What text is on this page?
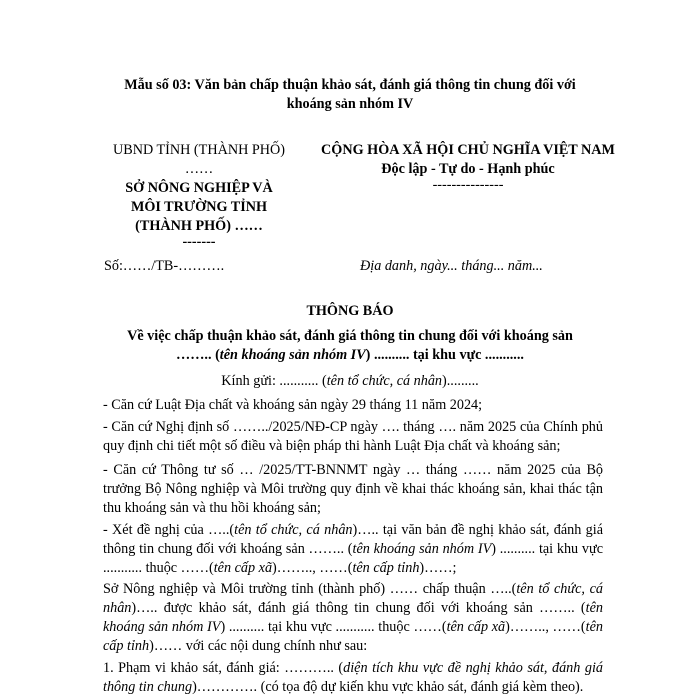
Mẫu số 03: Văn bản chấp thuận khảo sát, đánh giá thông tin chung đối với
khoáng sản nhóm IV
UBND TỈNH (THÀNH PHỐ)
……
SỞ NÔNG NGHIỆP VÀ
MÔI TRƯỜNG TỈNH
(THÀNH PHỐ) ……
-------
CỘNG HÒA XÃ HỘI CHỦ NGHĨA VIỆT NAM
Độc lập - Tự do - Hạnh phúc
---------------
Số:……/TB-……….	Địa danh, ngày... tháng... năm...
THÔNG BÁO
Về việc chấp thuận khảo sát, đánh giá thông tin chung đối với khoáng sản
…….. (tên khoáng sản nhóm IV) .......... tại khu vực ...........
Kính gửi: ........... (tên tổ chức, cá nhân).........

- Căn cứ Luật Địa chất và khoáng sản ngày 29 tháng 11 năm 2024;

- Căn cứ Nghị định số ……../2025/NĐ-CP ngày …. tháng …. năm 2025 của Chính phủ quy định chi tiết một số điều và biện pháp thi hành Luật Địa chất và khoáng sản;

- Căn cứ Thông tư số … /2025/TT-BNNMT ngày … tháng …… năm 2025 của Bộ trưởng Bộ Nông nghiệp và Môi trường quy định về khai thác khoáng sản, khai thác tận thu khoáng sản và thu hồi khoáng sản;

- Xét đề nghị của …..(tên tổ chức, cá nhân)….. tại văn bản đề nghị khảo sát, đánh giá thông tin chung đối với khoáng sản …….. (tên khoáng sản nhóm IV) .......... tại khu vực ........... thuộc ……(tên cấp xã)…….., ……(tên cấp tỉnh)……;

Sở Nông nghiệp và Môi trường tỉnh (thành phố) …… chấp thuận …..(tên tổ chức, cá nhân)….. được khảo sát, đánh giá thông tin chung đối với khoáng sản …….. (tên khoáng sản nhóm IV) .......... tại khu vực ........... thuộc ……(tên cấp xã)…….., ……(tên cấp tỉnh)…… với các nội dung chính như sau:

1. Phạm vi khảo sát, đánh giá: ……….. (diện tích khu vực đề nghị khảo sát, đánh giá thông tin chung)…………. (có tọa độ dự kiến khu vực khảo sát, đánh giá kèm theo).
